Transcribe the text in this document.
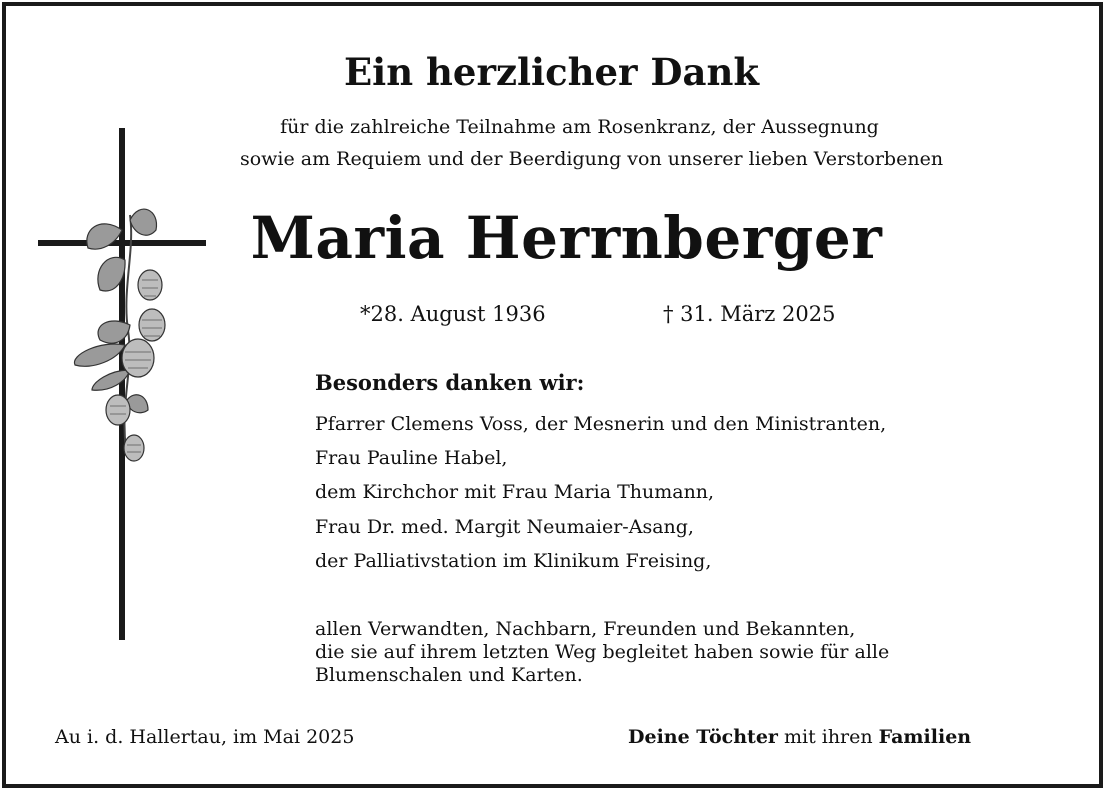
Ein herzlicher Dank
für die zahlreiche Teilnahme am Rosenkranz, der Aussegnung
sowie am Requiem und der Beerdigung von unserer lieben Verstorbenen
Maria Herrnberger
*28. August 1936	† 31. März 2025
Besonders danken wir:
Pfarrer Clemens Voss, der Mesnerin und den Ministranten,
Frau Pauline Habel,
dem Kirchchor mit Frau Maria Thumann,
Frau Dr. med. Margit Neumaier-Asang,
der Palliativstation im Klinikum Freising,
allen Verwandten, Nachbarn, Freunden und Bekannten,
die sie auf ihrem letzten Weg begleitet haben sowie für alle
Blumenschalen und Karten.
Au i. d. Hallertau, im Mai 2025	Deine Töchter mit ihren Familien
